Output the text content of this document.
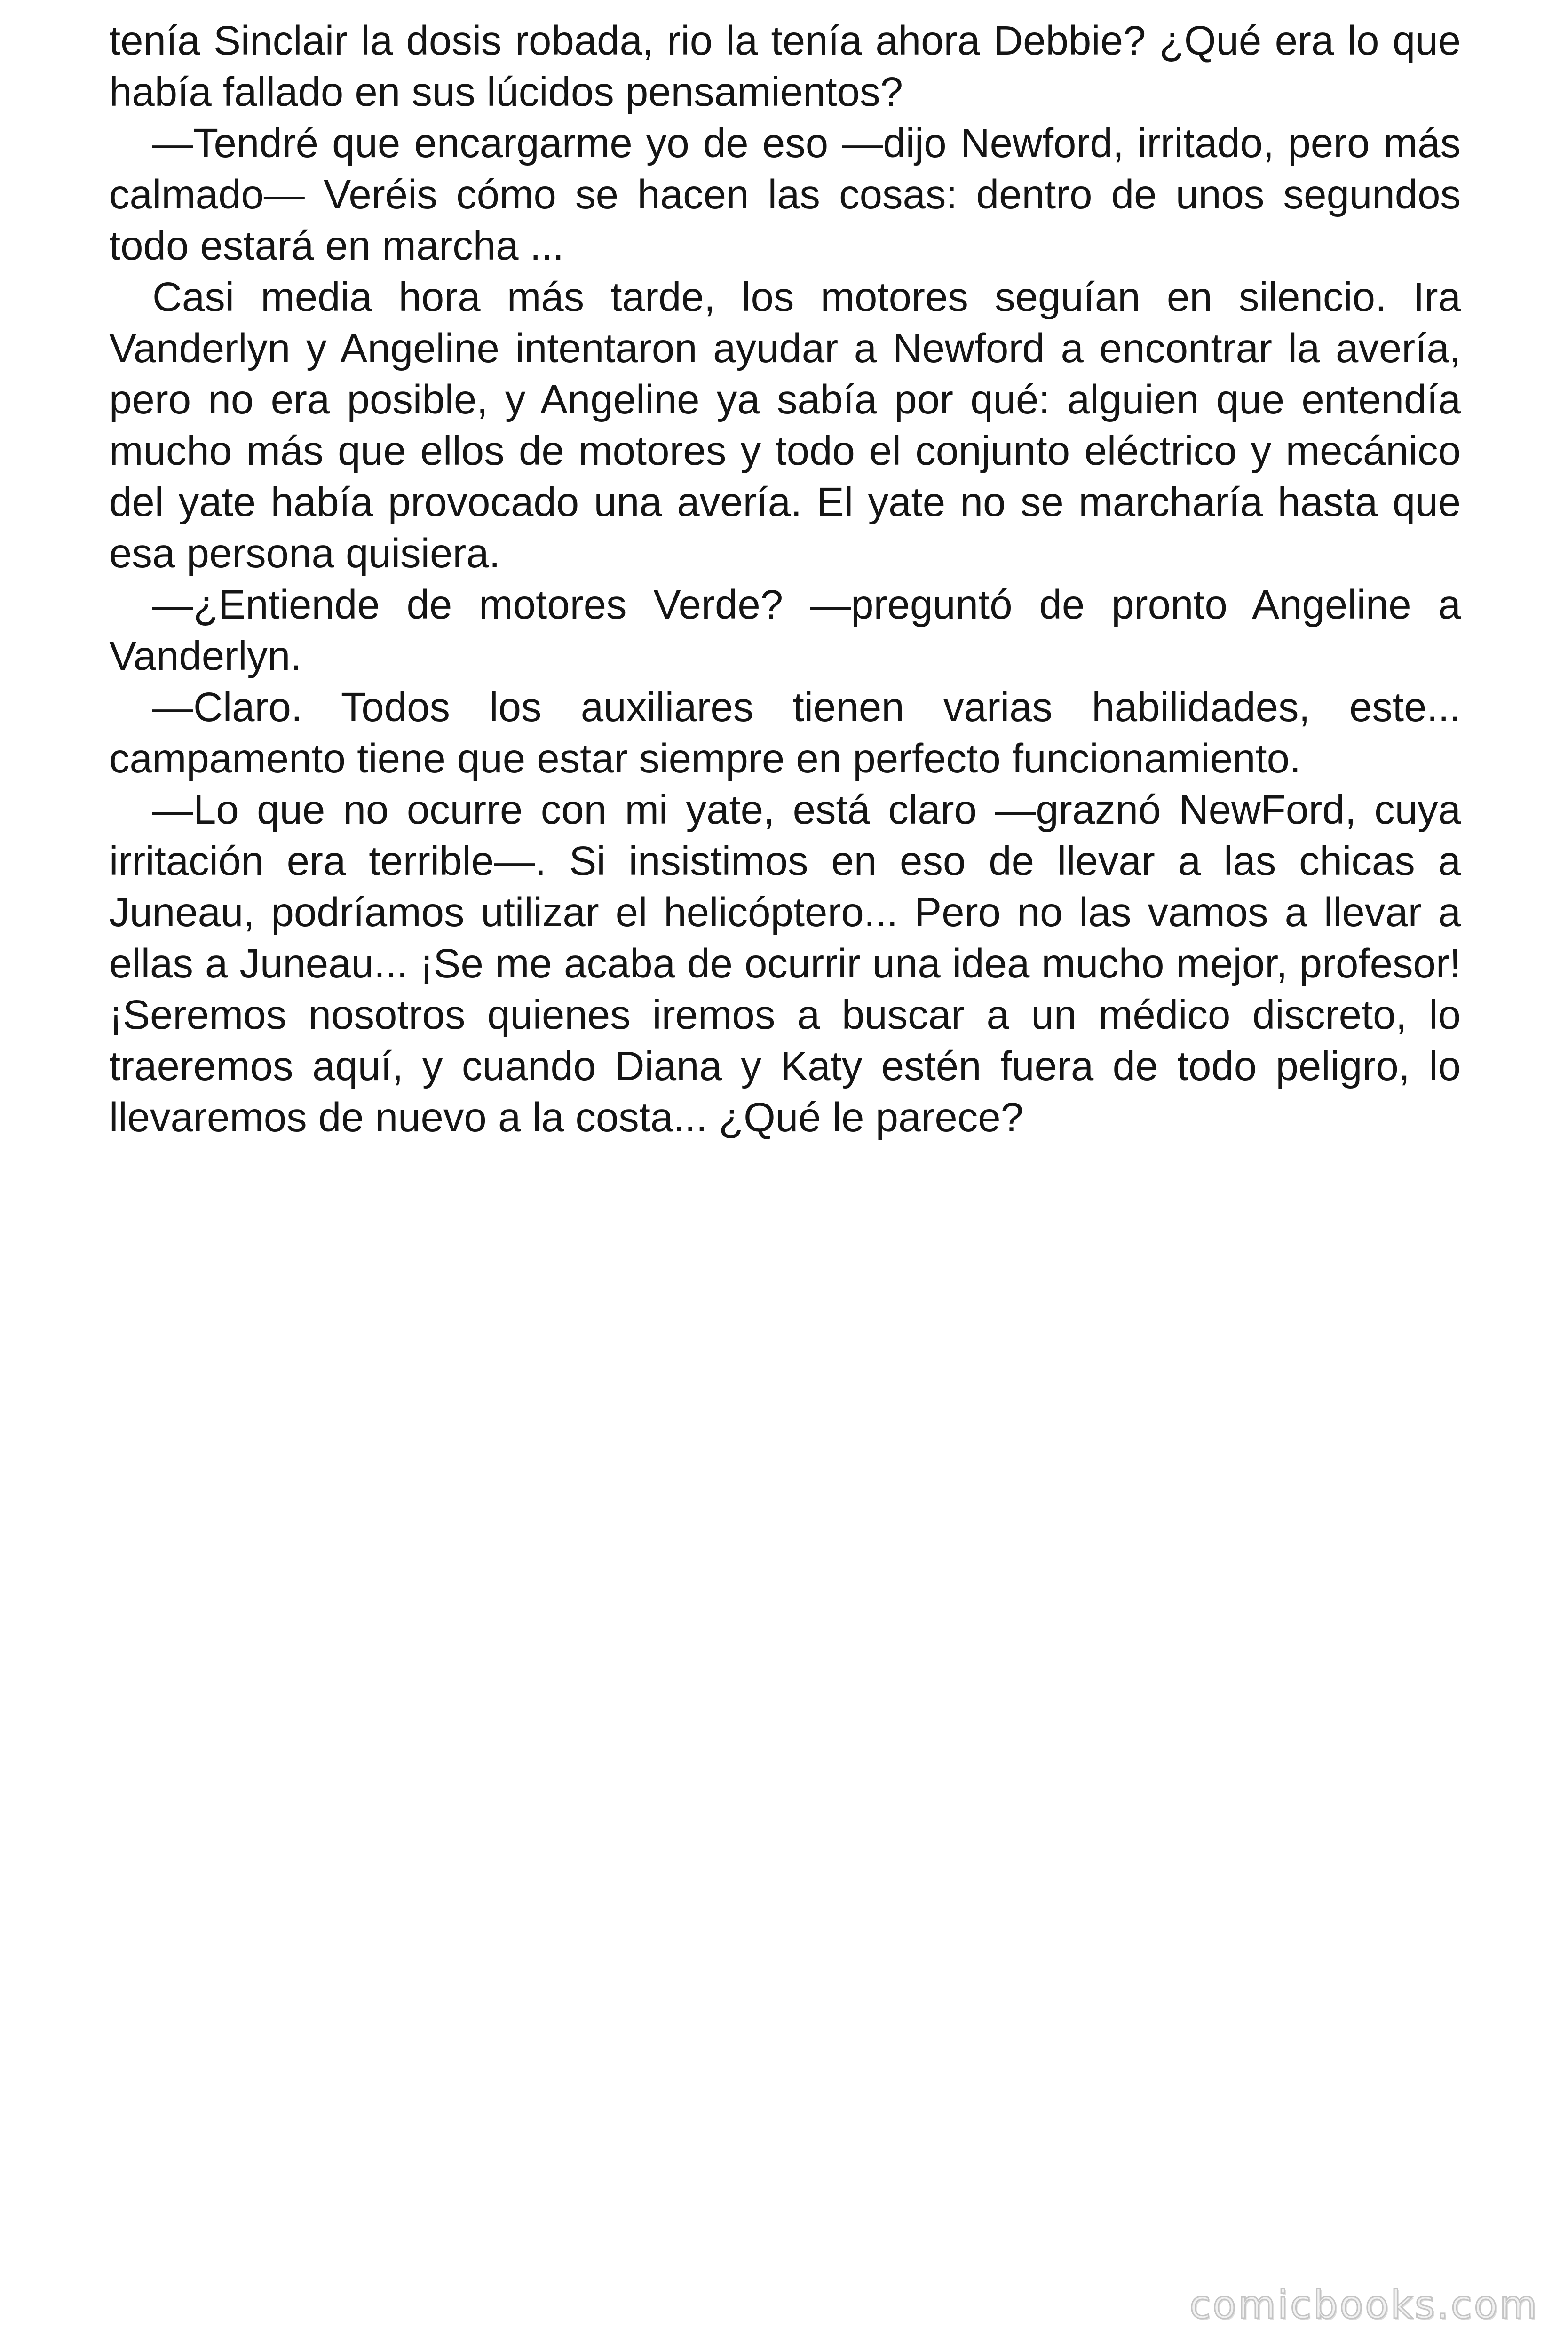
tenía Sinclair la dosis robada, rio la tenía ahora Debbie? ¿Qué era lo que había fallado en sus lúcidos pensamientos?

—Tendré que encargarme yo de eso —dijo Newford, irritado, pero más calmado— Veréis cómo se hacen las cosas: dentro de unos segundos todo estará en marcha ...

Casi media hora más tarde, los motores seguían en silencio. Ira Vanderlyn y Angeline intentaron ayudar a Newford a encontrar la avería, pero no era posible, y Angeline ya sabía por qué: alguien que entendía mucho más que ellos de motores y todo el conjunto eléctrico y mecánico del yate había provocado una avería. El yate no se marcharía hasta que esa persona quisiera.

—¿Entiende de motores Verde? —preguntó de pronto Angeline a Vanderlyn.

—Claro. Todos los auxiliares tienen varias habilidades, este... campamento tiene que estar siempre en perfecto funcionamiento.

—Lo que no ocurre con mi yate, está claro —graznó NewFord, cuya irritación era terrible—. Si insistimos en eso de llevar a las chicas a Juneau, podríamos utilizar el helicóptero... Pero no las vamos a llevar a ellas a Juneau... ¡Se me acaba de ocurrir una idea mucho mejor, profesor! ¡Seremos nosotros quienes iremos a buscar a un médico discreto, lo traeremos aquí, y cuando Diana y Katy estén fuera de todo peligro, lo llevaremos de nuevo a la costa... ¿Qué le parece?

comicbooks.com
